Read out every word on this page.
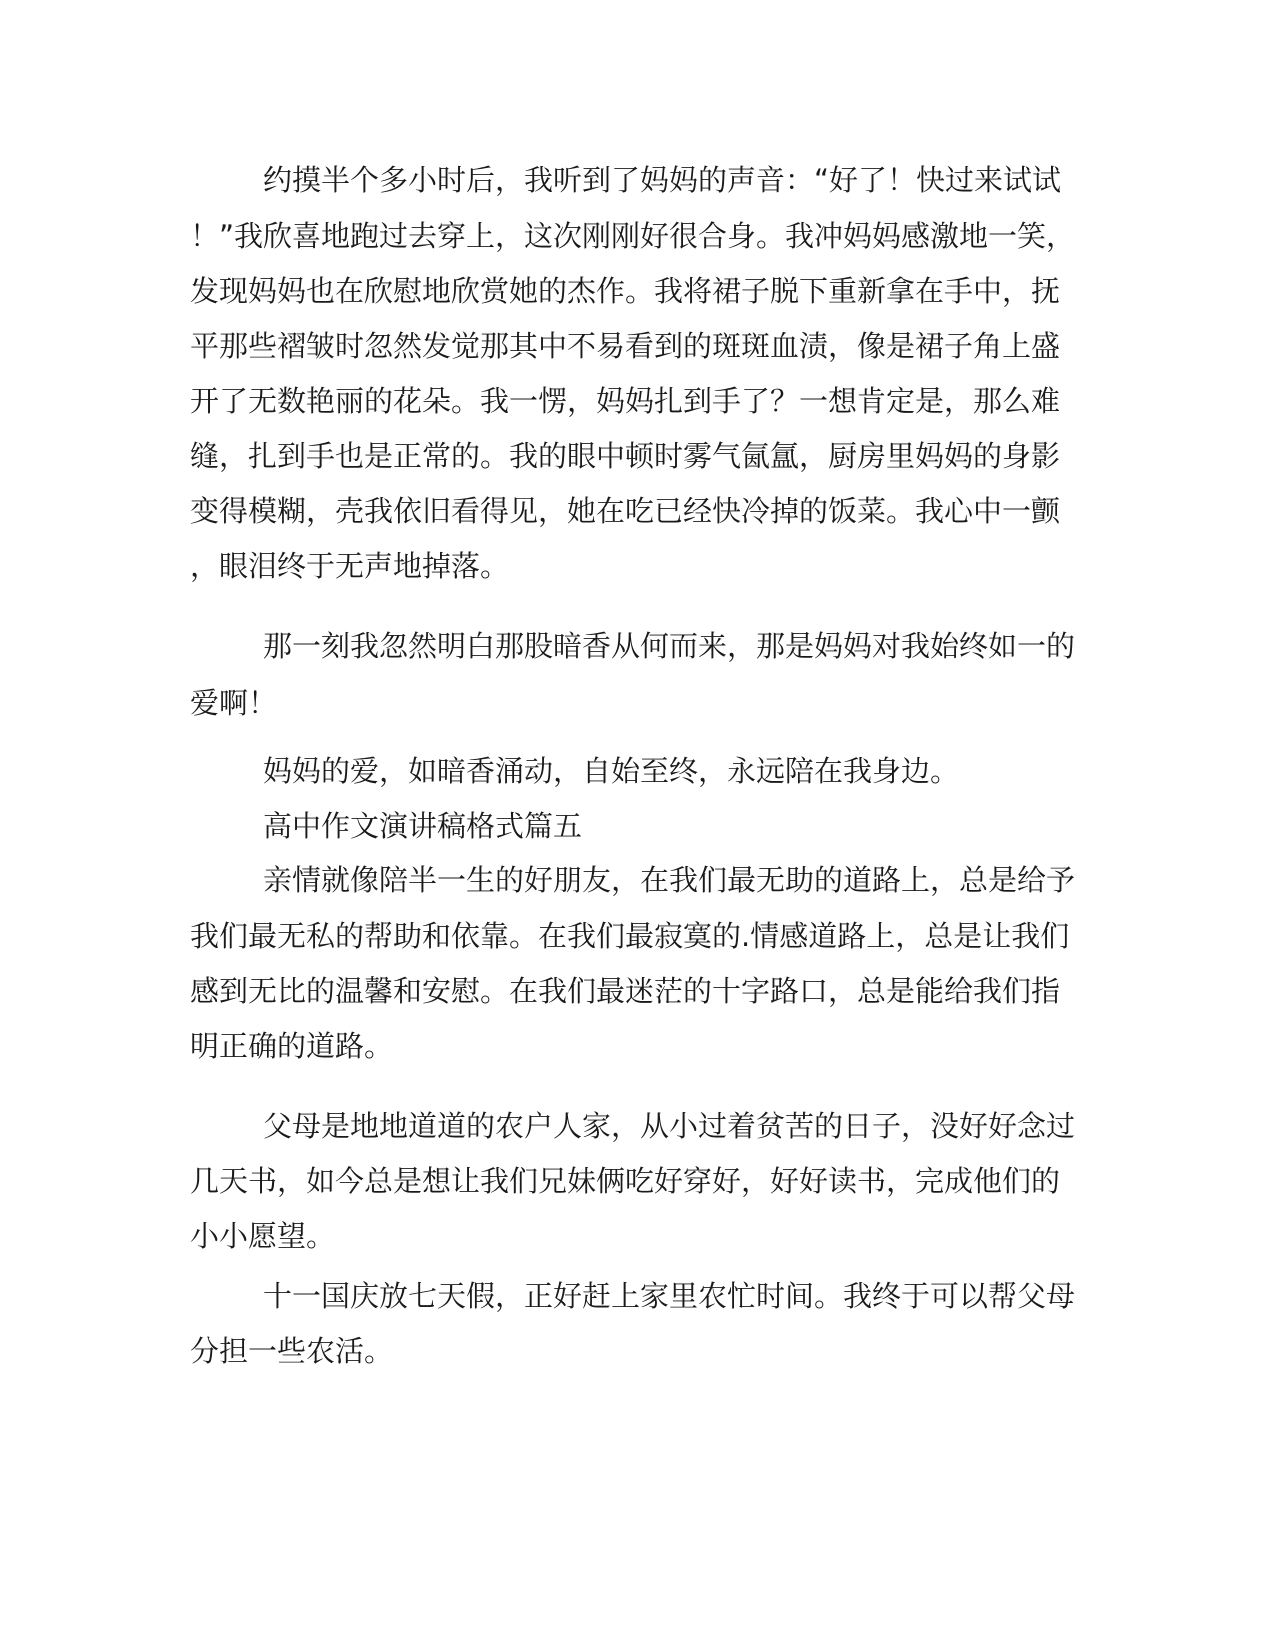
约摸半个多小时后，我听到了妈妈的声音：“好了！快过来试试
！”我欣喜地跑过去穿上，这次刚刚好很合身。我冲妈妈感激地一笑，
发现妈妈也在欣慰地欣赏她的杰作。我将裙子脱下重新拿在手中，抚
平那些褶皱时忽然发觉那其中不易看到的斑斑血渍，像是裙子角上盛
开了无数艳丽的花朵。我一愣，妈妈扎到手了？一想肯定是，那么难
缝，扎到手也是正常的。我的眼中顿时雾气氤氲，厨房里妈妈的身影
变得模糊，壳我依旧看得见，她在吃已经快冷掉的饭菜。我心中一颤
，眼泪终于无声地掉落。
那一刻我忽然明白那股暗香从何而来，那是妈妈对我始终如一的
爱啊！
妈妈的爱，如暗香涌动，自始至终，永远陪在我身边。
高中作文演讲稿格式篇五
亲情就像陪半一生的好朋友，在我们最无助的道路上，总是给予
我们最无私的帮助和依靠。在我们最寂寞的.情感道路上，总是让我们
感到无比的温馨和安慰。在我们最迷茫的十字路口，总是能给我们指
明正确的道路。
父母是地地道道的农户人家，从小过着贫苦的日子，没好好念过
几天书，如今总是想让我们兄妹俩吃好穿好，好好读书，完成他们的
小小愿望。
十一国庆放七天假，正好赶上家里农忙时间。我终于可以帮父母
分担一些农活。
